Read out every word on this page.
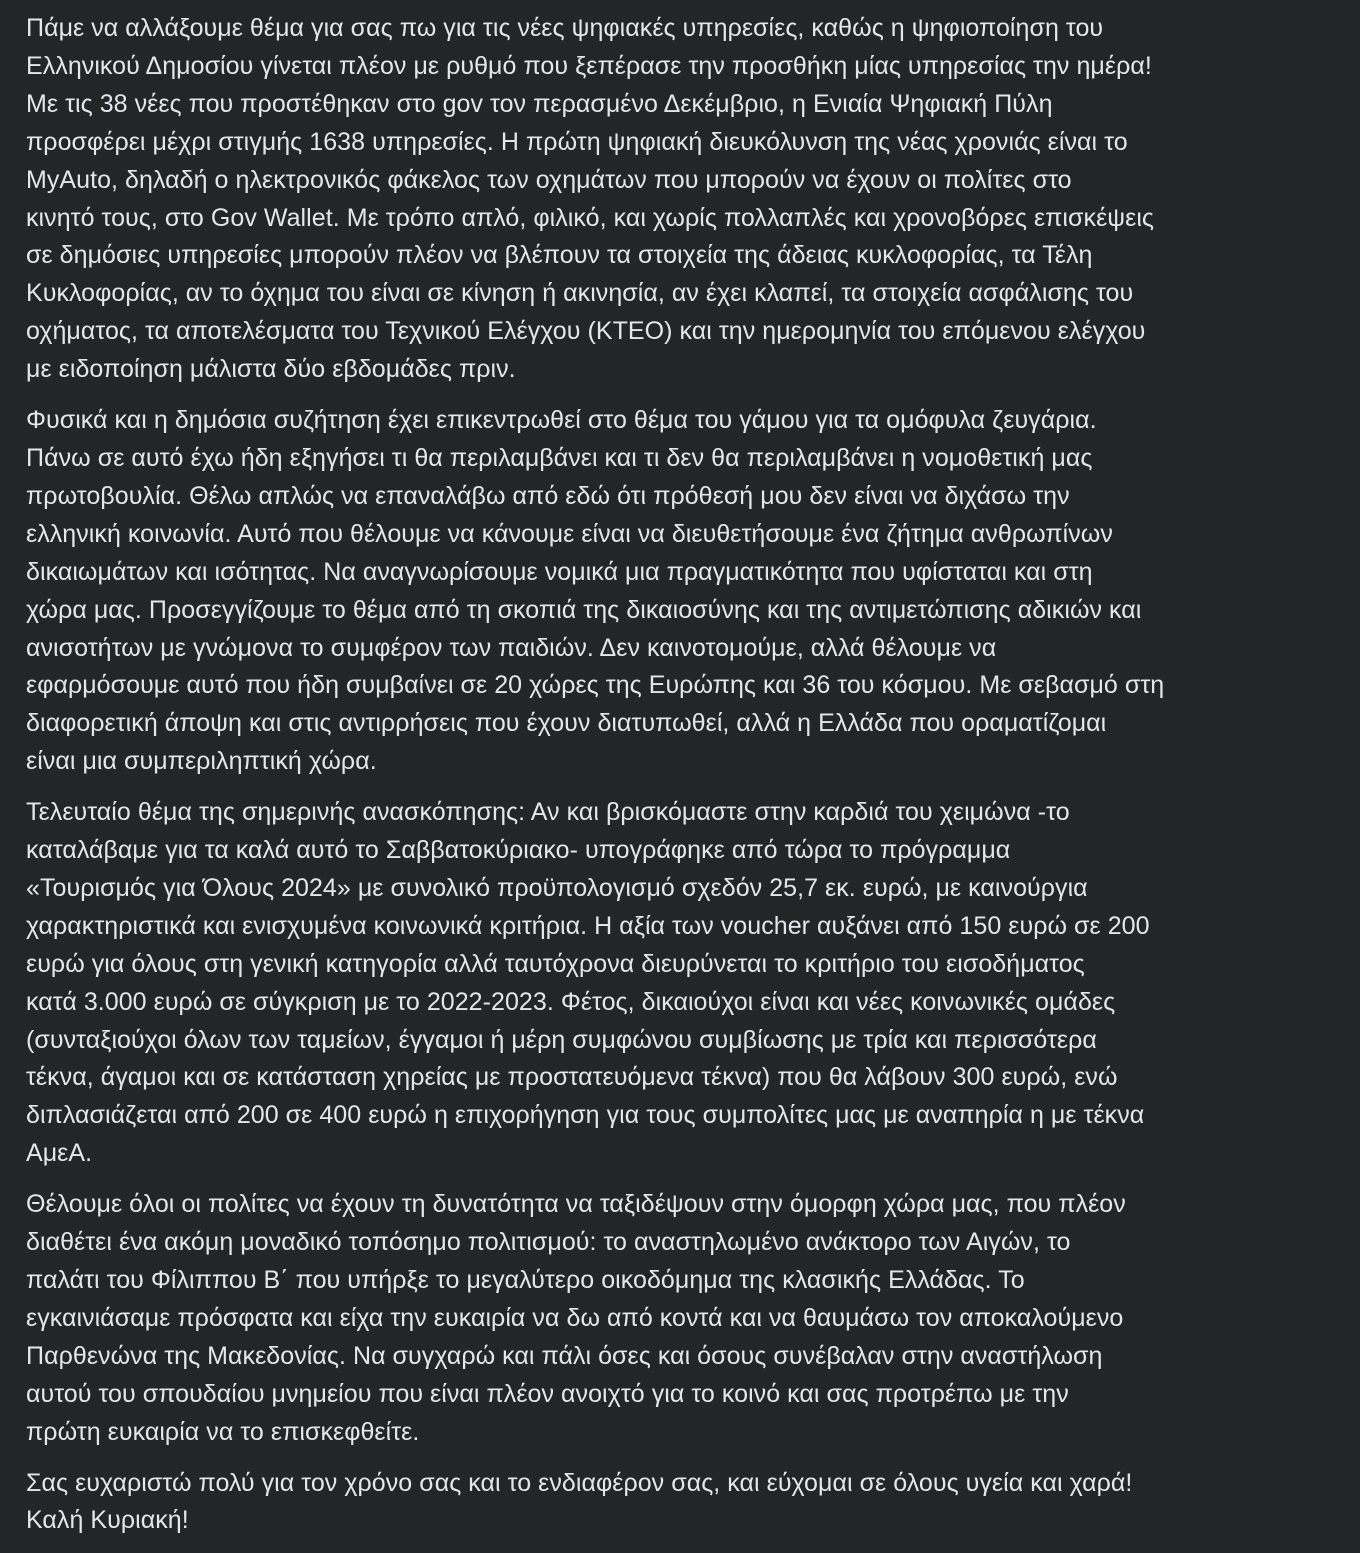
Πάμε να αλλάξουμε θέμα για σας πω για τις νέες ψηφιακές υπηρεσίες, καθώς η ψηφιοποίηση του
Ελληνικού Δημοσίου γίνεται πλέον με ρυθμό που ξεπέρασε την προσθήκη μίας υπηρεσίας την ημέρα!
Με τις 38 νέες που προστέθηκαν στο gov τον περασμένο Δεκέμβριο, η Ενιαία Ψηφιακή Πύλη
προσφέρει μέχρι στιγμής 1638 υπηρεσίες. Η πρώτη ψηφιακή διευκόλυνση της νέας χρονιάς είναι το
MyAuto, δηλαδή ο ηλεκτρονικός φάκελος των οχημάτων που μπορούν να έχουν οι πολίτες στο
κινητό τους, στο Gov Wallet. Με τρόπο απλό, φιλικό, και χωρίς πολλαπλές και χρονοβόρες επισκέψεις
σε δημόσιες υπηρεσίες μπορούν πλέον να βλέπουν τα στοιχεία της άδειας κυκλοφορίας, τα Τέλη
Κυκλοφορίας, αν το όχημα του είναι σε κίνηση ή ακινησία, αν έχει κλαπεί, τα στοιχεία ασφάλισης του
οχήματος, τα αποτελέσματα του Τεχνικού Ελέγχου (ΚΤΕΟ) και την ημερομηνία του επόμενου ελέγχου
με ειδοποίηση μάλιστα δύο εβδομάδες πριν.
Φυσικά και η δημόσια συζήτηση έχει επικεντρωθεί στο θέμα του γάμου για τα ομόφυλα ζευγάρια.
Πάνω σε αυτό έχω ήδη εξηγήσει τι θα περιλαμβάνει και τι δεν θα περιλαμβάνει η νομοθετική μας
πρωτοβουλία. Θέλω απλώς να επαναλάβω από εδώ ότι πρόθεσή μου δεν είναι να διχάσω την
ελληνική κοινωνία. Αυτό που θέλουμε να κάνουμε είναι να διευθετήσουμε ένα ζήτημα ανθρωπίνων
δικαιωμάτων και ισότητας. Να αναγνωρίσουμε νομικά μια πραγματικότητα που υφίσταται και στη
χώρα μας. Προσεγγίζουμε το θέμα από τη σκοπιά της δικαιοσύνης και της αντιμετώπισης αδικιών και
ανισοτήτων με γνώμονα το συμφέρον των παιδιών. Δεν καινοτομούμε, αλλά θέλουμε να
εφαρμόσουμε αυτό που ήδη συμβαίνει σε 20 χώρες της Ευρώπης και 36 του κόσμου. Με σεβασμό στη
διαφορετική άποψη και στις αντιρρήσεις που έχουν διατυπωθεί, αλλά η Ελλάδα που οραματίζομαι
είναι μια συμπεριληπτική χώρα.
Τελευταίο θέμα της σημερινής ανασκόπησης: Αν και βρισκόμαστε στην καρδιά του χειμώνα -το
καταλάβαμε για τα καλά αυτό το Σαββατοκύριακο- υπογράφηκε από τώρα το πρόγραμμα
«Τουρισμός για Όλους 2024» με συνολικό προϋπολογισμό σχεδόν 25,7 εκ. ευρώ, με καινούργια
χαρακτηριστικά και ενισχυμένα κοινωνικά κριτήρια. Η αξία των voucher αυξάνει από 150 ευρώ σε 200
ευρώ για όλους στη γενική κατηγορία αλλά ταυτόχρονα διευρύνεται το κριτήριο του εισοδήματος
κατά 3.000 ευρώ σε σύγκριση με το 2022-2023. Φέτος, δικαιούχοι είναι και νέες κοινωνικές ομάδες
(συνταξιούχοι όλων των ταμείων, έγγαμοι ή μέρη συμφώνου συμβίωσης με τρία και περισσότερα
τέκνα, άγαμοι και σε κατάσταση χηρείας με προστατευόμενα τέκνα) που θα λάβουν 300 ευρώ, ενώ
διπλασιάζεται από 200 σε 400 ευρώ η επιχορήγηση για τους συμπολίτες μας με αναπηρία η με τέκνα
ΑμεΑ.
Θέλουμε όλοι οι πολίτες να έχουν τη δυνατότητα να ταξιδέψουν στην όμορφη χώρα μας, που πλέον
διαθέτει ένα ακόμη μοναδικό τοπόσημο πολιτισμού: το αναστηλωμένο ανάκτορο των Αιγών, το
παλάτι του Φίλιππου Β΄ που υπήρξε το μεγαλύτερο οικοδόμημα της κλασικής Ελλάδας. Το
εγκαινιάσαμε πρόσφατα και είχα την ευκαιρία να δω από κοντά και να θαυμάσω τον αποκαλούμενο
Παρθενώνα της Μακεδονίας. Να συγχαρώ και πάλι όσες και όσους συνέβαλαν στην αναστήλωση
αυτού του σπουδαίου μνημείου που είναι πλέον ανοιχτό για το κοινό και σας προτρέπω με την
πρώτη ευκαιρία να το επισκεφθείτε.
Σας ευχαριστώ πολύ για τον χρόνο σας και το ενδιαφέρον σας, και εύχομαι σε όλους υγεία και χαρά!
Καλή Κυριακή!
